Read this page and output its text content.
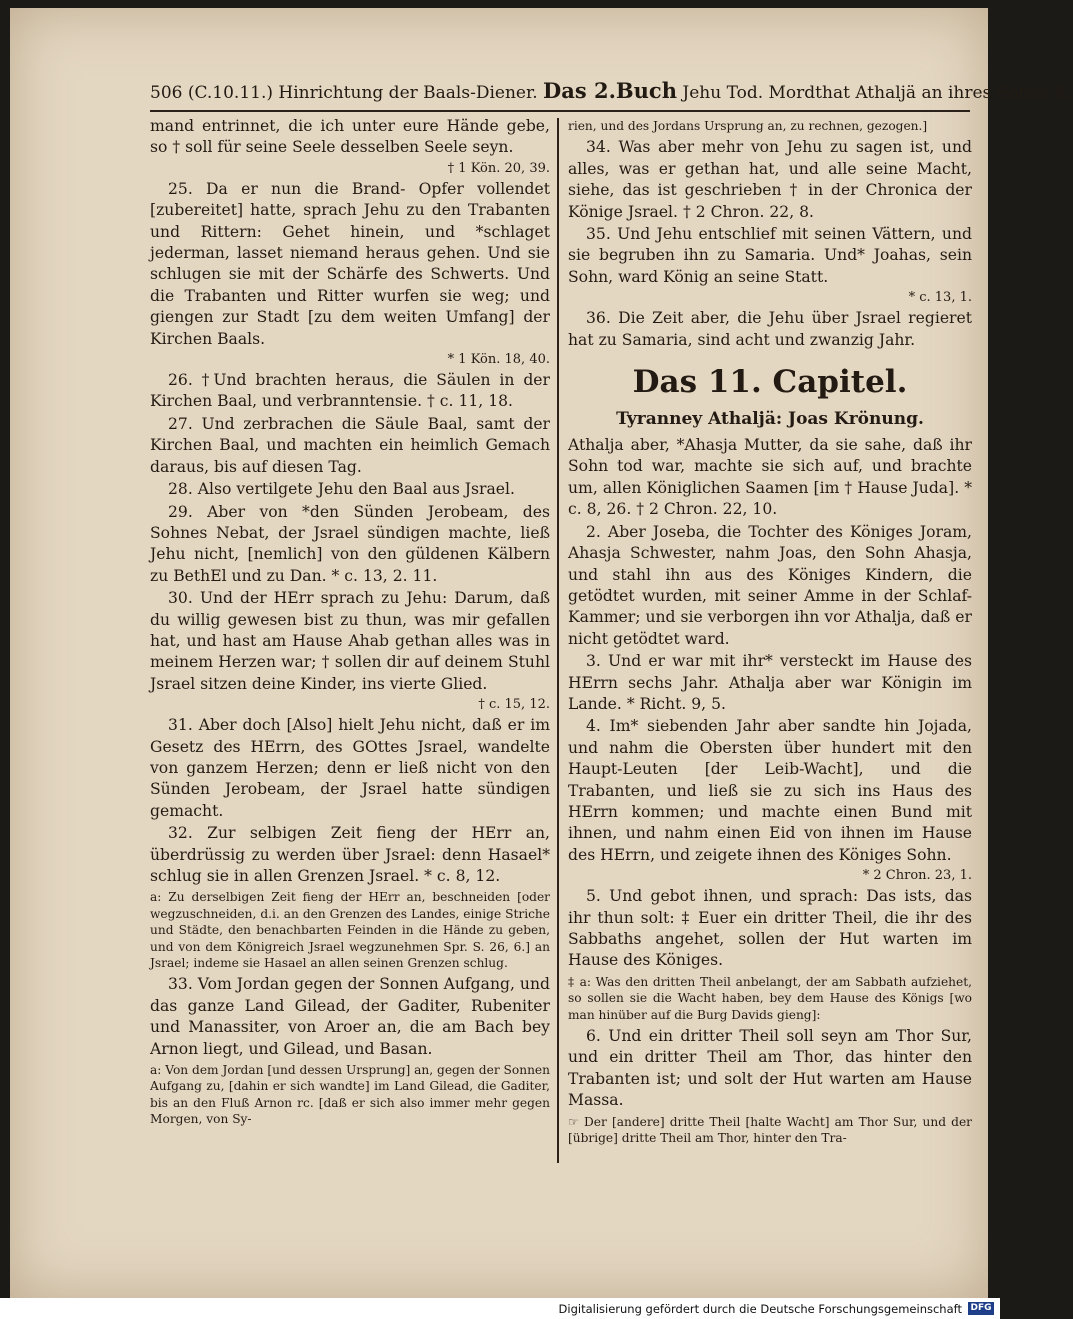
506 (C.10.11.) Hinrichtung der Baals-Diener. Das 2.Buch Jehu Tod. Mordthat Athaljä an ihres Sohns K.

mand entrinnet, die ich unter eure Hände gebe, so † soll für seine Seele desselben Seele seyn.

† 1 Kön. 20, 39.

25. Da er nun die Brand- Opfer vollendet [zubereitet] hatte, sprach Jehu zu den Trabanten und Rittern: Gehet hinein, und *schlaget jederman, lasset niemand heraus gehen. Und sie schlugen sie mit der Schärfe des Schwerts. Und die Trabanten und Ritter wurfen sie weg; und giengen zur Stadt [zu dem weiten Umfang] der Kirchen Baals.

* 1 Kön. 18, 40.

26. †Und brachten heraus, die Säulen in der Kirchen Baal, und verbranntensie. † c. 11, 18.

27. Und zerbrachen die Säule Baal, samt der Kirchen Baal, und machten ein heimlich Gemach daraus, bis auf diesen Tag.

28. Also vertilgete Jehu den Baal aus Jsrael.

29. Aber von *den Sünden Jerobeam, des Sohnes Nebat, der Jsrael sündigen machte, ließ Jehu nicht, [nemlich] von den güldenen Kälbern zu BethEl und zu Dan. * c. 13, 2. 11.

30. Und der HErr sprach zu Jehu: Darum, daß du willig gewesen bist zu thun, was mir gefallen hat, und hast am Hause Ahab gethan alles was in meinem Herzen war; † sollen dir auf deinem Stuhl Jsrael sitzen deine Kinder, ins vierte Glied.

† c. 15, 12.

31. Aber doch [Also] hielt Jehu nicht, daß er im Gesetz des HErrn, des GOttes Jsrael, wandelte von ganzem Herzen; denn er ließ nicht von den Sünden Jerobeam, der Jsrael hatte sündigen gemacht.

32. Zur selbigen Zeit fieng der HErr an, überdrüssig zu werden über Jsrael: denn Hasael* schlug sie in allen Grenzen Jsrael. * c. 8, 12.

a: Zu derselbigen Zeit fieng der HErr an, beschneiden [oder wegzuschneiden, d.i. an den Grenzen des Landes, einige Striche und Städte, den benachbarten Feinden in die Hände zu geben, und von dem Königreich Jsrael wegzunehmen Spr. S. 26, 6.] an Jsrael; indeme sie Hasael an allen seinen Grenzen schlug.

33. Vom Jordan gegen der Sonnen Aufgang, und das ganze Land Gilead, der Gaditer, Rubeniter und Manassiter, von Aroer an, die am Bach bey Arnon liegt, und Gilead, und Basan.

a: Von dem Jordan [und dessen Ursprung] an, gegen der Sonnen Aufgang zu, [dahin er sich wandte] im Land Gilead, die Gaditer, bis an den Fluß Arnon rc. [daß er sich also immer mehr gegen Morgen, von Sy-

rien, und des Jordans Ursprung an, zu rechnen, gezogen.]

34. Was aber mehr von Jehu zu sagen ist, und alles, was er gethan hat, und alle seine Macht, siehe, das ist geschrieben † in der Chronica der Könige Jsrael. † 2 Chron. 22, 8.

35. Und Jehu entschlief mit seinen Vättern, und sie begruben ihn zu Samaria. Und* Joahas, sein Sohn, ward König an seine Statt.

* c. 13, 1.

36. Die Zeit aber, die Jehu über Jsrael regieret hat zu Samaria, sind acht und zwanzig Jahr.

Das 11. Capitel.
Tyranney Athaljä: Joas Krönung.

Athalja aber, *Ahasja Mutter, da sie sahe, daß ihr Sohn tod war, machte sie sich auf, und brachte um, allen Königlichen Saamen [im † Hause Juda]. * c. 8, 26. † 2 Chron. 22, 10.

2. Aber Joseba, die Tochter des Königes Joram, Ahasja Schwester, nahm Joas, den Sohn Ahasja, und stahl ihn aus des Königes Kindern, die getödtet wurden, mit seiner Amme in der Schlaf-Kammer; und sie verborgen ihn vor Athalja, daß er nicht getödtet ward.

3. Und er war mit ihr* versteckt im Hause des HErrn sechs Jahr. Athalja aber war Königin im Lande. * Richt. 9, 5.

4. Im* siebenden Jahr aber sandte hin Jojada, und nahm die Obersten über hundert mit den Haupt-Leuten [der Leib-Wacht], und die Trabanten, und ließ sie zu sich ins Haus des HErrn kommen; und machte einen Bund mit ihnen, und nahm einen Eid von ihnen im Hause des HErrn, und zeigete ihnen des Königes Sohn.

* 2 Chron. 23, 1.

5. Und gebot ihnen, und sprach: Das ists, das ihr thun solt: ‡ Euer ein dritter Theil, die ihr des Sabbaths angehet, sollen der Hut warten im Hause des Königes.

‡ a: Was den dritten Theil anbelangt, der am Sabbath aufziehet, so sollen sie die Wacht haben, bey dem Hause des Königs [wo man hinüber auf die Burg Davids gieng]:

6. Und ein dritter Theil soll seyn am Thor Sur, und ein dritter Theil am Thor, das hinter den Trabanten ist; und solt der Hut warten am Hause Massa.

☞ Der [andere] dritte Theil [halte Wacht] am Thor Sur, und der [übrige] dritte Theil am Thor, hinter den Tra-

Digitalisierung gefördert durch die Deutsche Forschungsgemeinschaft DFG
